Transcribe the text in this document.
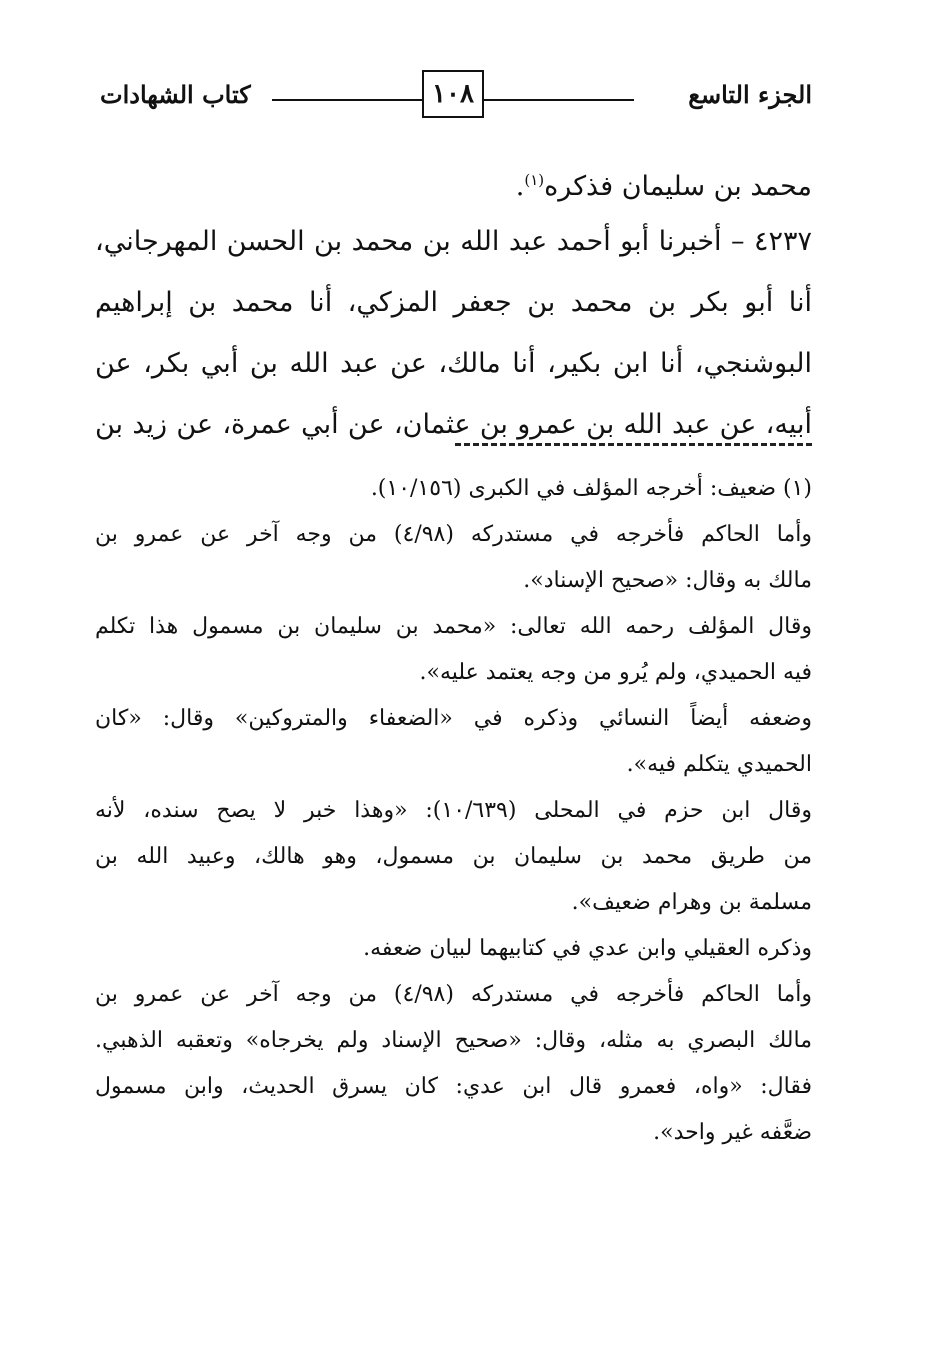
الجزء التاسع
١٠٨
كتاب الشهادات
محمد بن سليمان فذكره$^{(١)}$.
٤٢٣٧ – أخبرنا أبو أحمد عبد الله بن محمد بن الحسن المهرجاني،
أنا أبو بكر بن محمد بن جعفر المزكي، أنا محمد بن إبراهيم
البوشنجي، أنا ابن بكير، أنا مالك، عن عبد الله بن أبي بكر، عن
أبيه، عن عبد الله بن عمرو بن عثمان، عن أبي عمرة، عن زيد بن
(١) ضعيف: أخرجه المؤلف في الكبرى (١٠/١٥٦).
وأما الحاكم فأخرجه في مستدركه (٤/٩٨) من وجه آخر عن عمرو بن
مالك به وقال: «صحيح الإسناد».
وقال المؤلف رحمه الله تعالى: «محمد بن سليمان بن مسمول هذا تكلم
فيه الحميدي، ولم يُرو من وجه يعتمد عليه».
وضعفه أيضاً النسائي وذكره في «الضعفاء والمتروكين» وقال: «كان
الحميدي يتكلم فيه».
وقال ابن حزم في المحلى (١٠/٦٣٩): «وهذا خبر لا يصح سنده، لأنه
من طريق محمد بن سليمان بن مسمول، وهو هالك، وعبيد الله بن
مسلمة بن وهرام ضعيف».
وذكره العقيلي وابن عدي في كتابيهما لبيان ضعفه.
وأما الحاكم فأخرجه في مستدركه (٤/٩٨) من وجه آخر عن عمرو بن
مالك البصري به مثله، وقال: «صحيح الإسناد ولم يخرجاه» وتعقبه الذهبي.
فقال: «واه، فعمرو قال ابن عدي: كان يسرق الحديث، وابن مسمول
ضعَّفه غير واحد».
